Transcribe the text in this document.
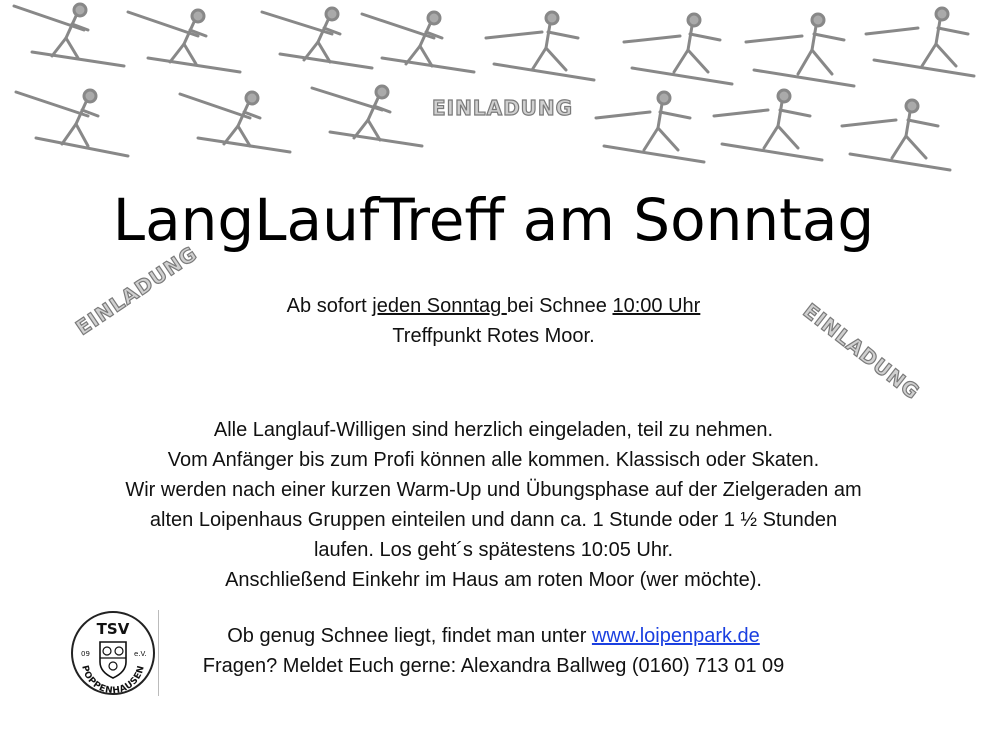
EINLADUNG
EINLADUNG
EINLADUNG
LangLaufTreff am Sonntag
Ab sofort jeden Sonntag bei Schnee 10:00 Uhr
Treffpunkt Rotes Moor.
Alle Langlauf-Willigen sind herzlich eingeladen, teil zu nehmen.
Vom Anfänger bis zum Profi können alle kommen. Klassisch oder Skaten.
Wir werden nach einer kurzen Warm-Up und Übungsphase auf der Zielgeraden am
alten Loipenhaus Gruppen einteilen und dann ca. 1 Stunde oder 1 ½ Stunden
laufen. Los geht´s spätestens 10:05 Uhr.
Anschließend Einkehr im Haus am roten Moor (wer möchte).
TSV
09	e.V.
POPPENHAUSEN
Ob genug Schnee liegt, findet man unter www.loipenpark.de
Fragen? Meldet Euch gerne: Alexandra Ballweg (0160) 713 01 09
